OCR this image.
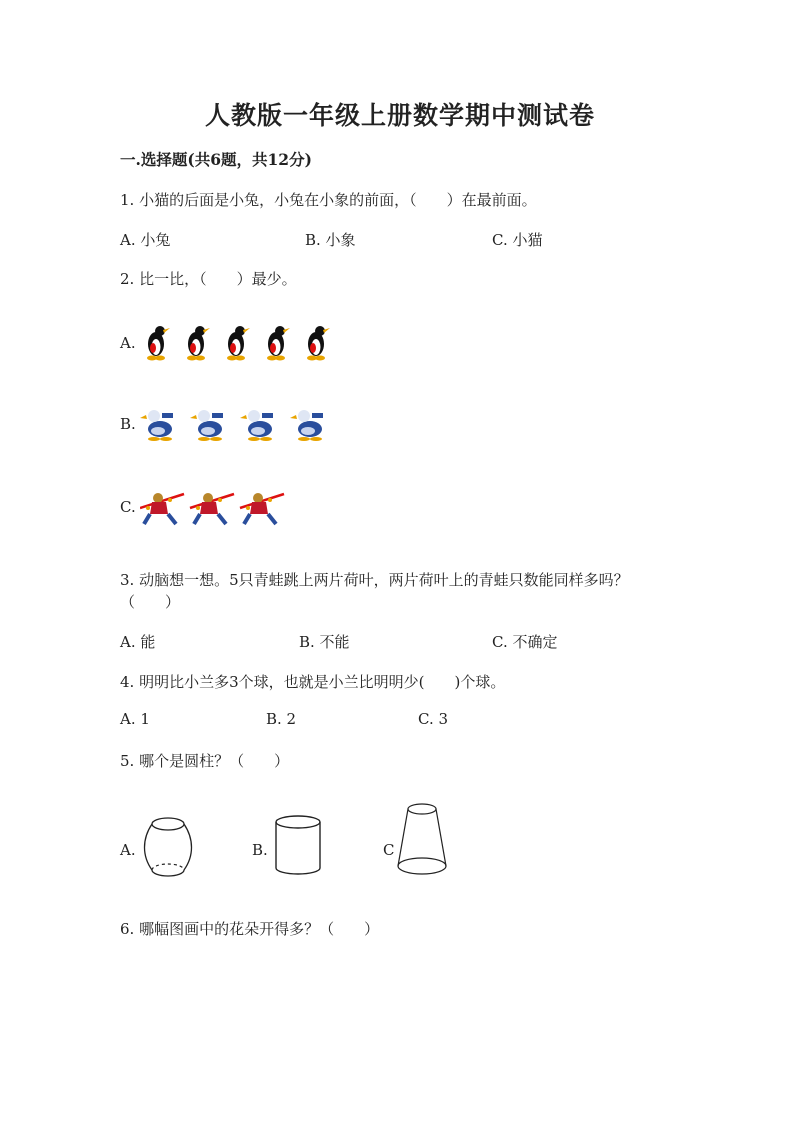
人教版一年级上册数学期中测试卷
一.选择题(共6题，共12分)
1. 小猫的后面是小兔，小兔在小象的前面，（　　）在最前面。
A. 小兔	B. 小象	C. 小猫
2. 比一比，（　　）最少。
A.
B.
C.
3. 动脑想一想。5只青蛙跳上两片荷叶，两片荷叶上的青蛙只数能同样多吗？
（　　）
A. 能	B. 不能	C. 不确定
4. 明明比小兰多3个球，也就是小兰比明明少(　　)个球。
A. 1	B. 2	C. 3
5. 哪个是圆柱？（　　）
A.	B.	C
6. 哪幅图画中的花朵开得多？（　　）
